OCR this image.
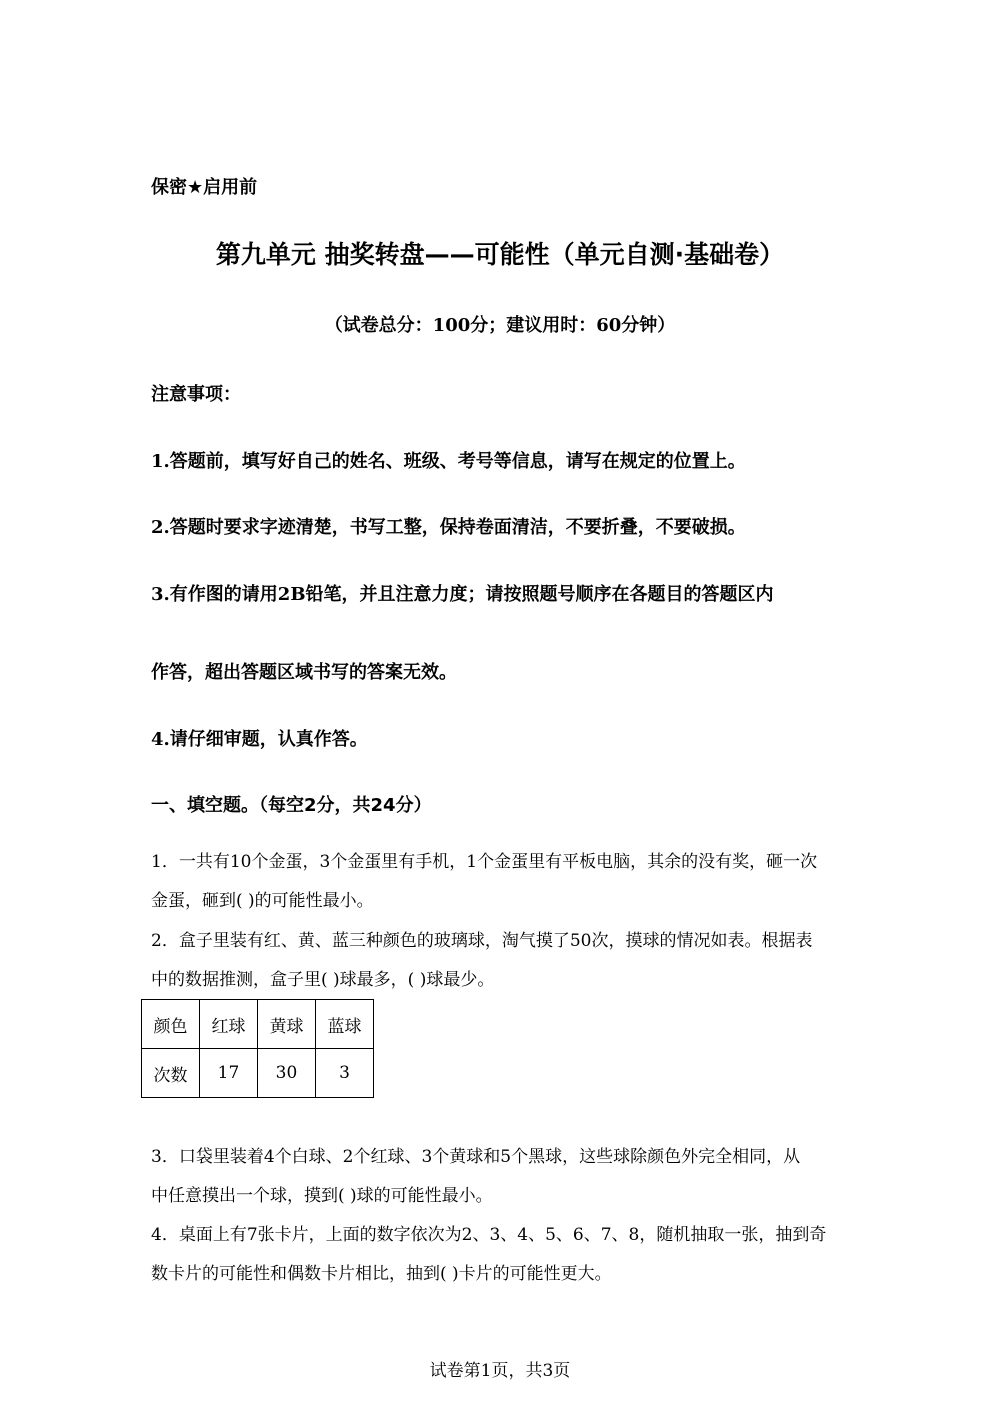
保密★启用前
第九单元 抽奖转盘——可能性（单元自测·基础卷）
（试卷总分：100分；建议用时：60分钟）
注意事项：
1.答题前，填写好自己的姓名、班级、考号等信息，请写在规定的位置上。
2.答题时要求字迹清楚，书写工整，保持卷面清洁，不要折叠，不要破损。
3.有作图的请用2B铅笔，并且注意力度；请按照题号顺序在各题目的答题区内
作答，超出答题区域书写的答案无效。
4.请仔细审题，认真作答。
一、填空题。（每空2分，共24分）
1．一共有10个金蛋，3个金蛋里有手机，1个金蛋里有平板电脑，其余的没有奖，砸一次
金蛋，砸到( )的可能性最小。
2．盒子里装有红、黄、蓝三种颜色的玻璃球，淘气摸了50次，摸球的情况如表。根据表
中的数据推测，盒子里( )球最多，( )球最少。
颜色	红球	黄球	蓝球
次数	17	30	3
3．口袋里装着4个白球、2个红球、3个黄球和5个黑球，这些球除颜色外完全相同，从
中任意摸出一个球，摸到( )球的可能性最小。
4．桌面上有7张卡片，上面的数字依次为2、3、4、5、6、7、8，随机抽取一张，抽到奇
数卡片的可能性和偶数卡片相比，抽到( )卡片的可能性更大。
试卷第1页，共3页
